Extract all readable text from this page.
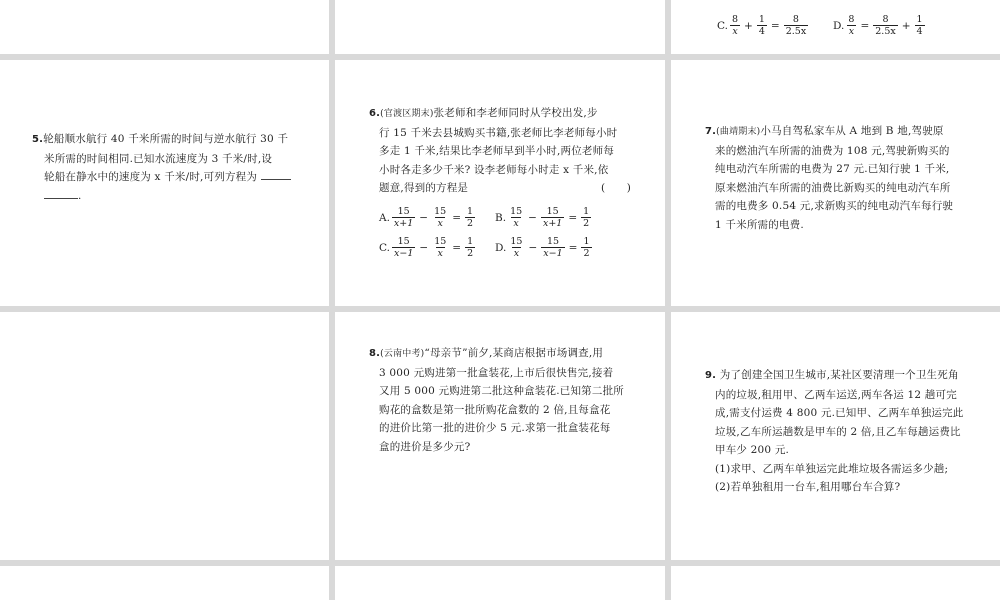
C. $\frac{8}{x} + \frac{1}{4} = \frac{8}{2.5x} D$. $\frac{8}{x} = \frac{8}{2.5x} + \frac{1}{4}$
5.轮船顺水航行 40 千米所需的时间与逆水航行 30 千
米所需的时间相同.已知水流速度为 3 千米/时,设
轮船在静水中的速度为 x 千米/时,可列方程为
.
6.(官渡区期末)张老师和李老师同时从学校出发,步
行 15 千米去县城购买书籍,张老师比李老师每小时
多走 1 千米,结果比李老师早到半小时,两位老师每
小时各走多少千米? 设李老师每小时走 x 千米,依
题意,得到的方程是	(　　)
A. $\frac{15}{x+1} - \frac{15}{x} = \frac{1}{2} B$. $\frac{15}{x} - \frac{15}{x+1} = \frac{1}{2}$
C. $\frac{15}{x-1} - \frac{15}{x} = \frac{1}{2} D$. $\frac{15}{x} - \frac{15}{x-1} = \frac{1}{2}$
7.(曲靖期末)小马自驾私家车从 A 地到 B 地,驾驶原
来的燃油汽车所需的油费为 108 元,驾驶新购买的
纯电动汽车所需的电费为 27 元.已知行驶 1 千米,
原来燃油汽车所需的油费比新购买的纯电动汽车所
需的电费多 0.54 元,求新购买的纯电动汽车每行驶
1 千米所需的电费.
8.(云南中考)“母亲节”前夕,某商店根据市场调查,用
3 000 元购进第一批盒装花,上市后很快售完,接着
又用 5 000 元购进第二批这种盒装花.已知第二批所
购花的盒数是第一批所购花盒数的 2 倍,且每盒花
的进价比第一批的进价少 5 元.求第一批盒装花每
盒的进价是多少元?
9. 为了创建全国卫生城市,某社区要清理一个卫生死角
内的垃圾,租用甲、乙两车运送,两车各运 12 趟可完
成,需支付运费 4 800 元.已知甲、乙两车单独运完此
垃圾,乙车所运趟数是甲车的 2 倍,且乙车每趟运费比
甲车少 200 元.
(1)求甲、乙两车单独运完此堆垃圾各需运多少趟;
(2)若单独租用一台车,租用哪台车合算?
